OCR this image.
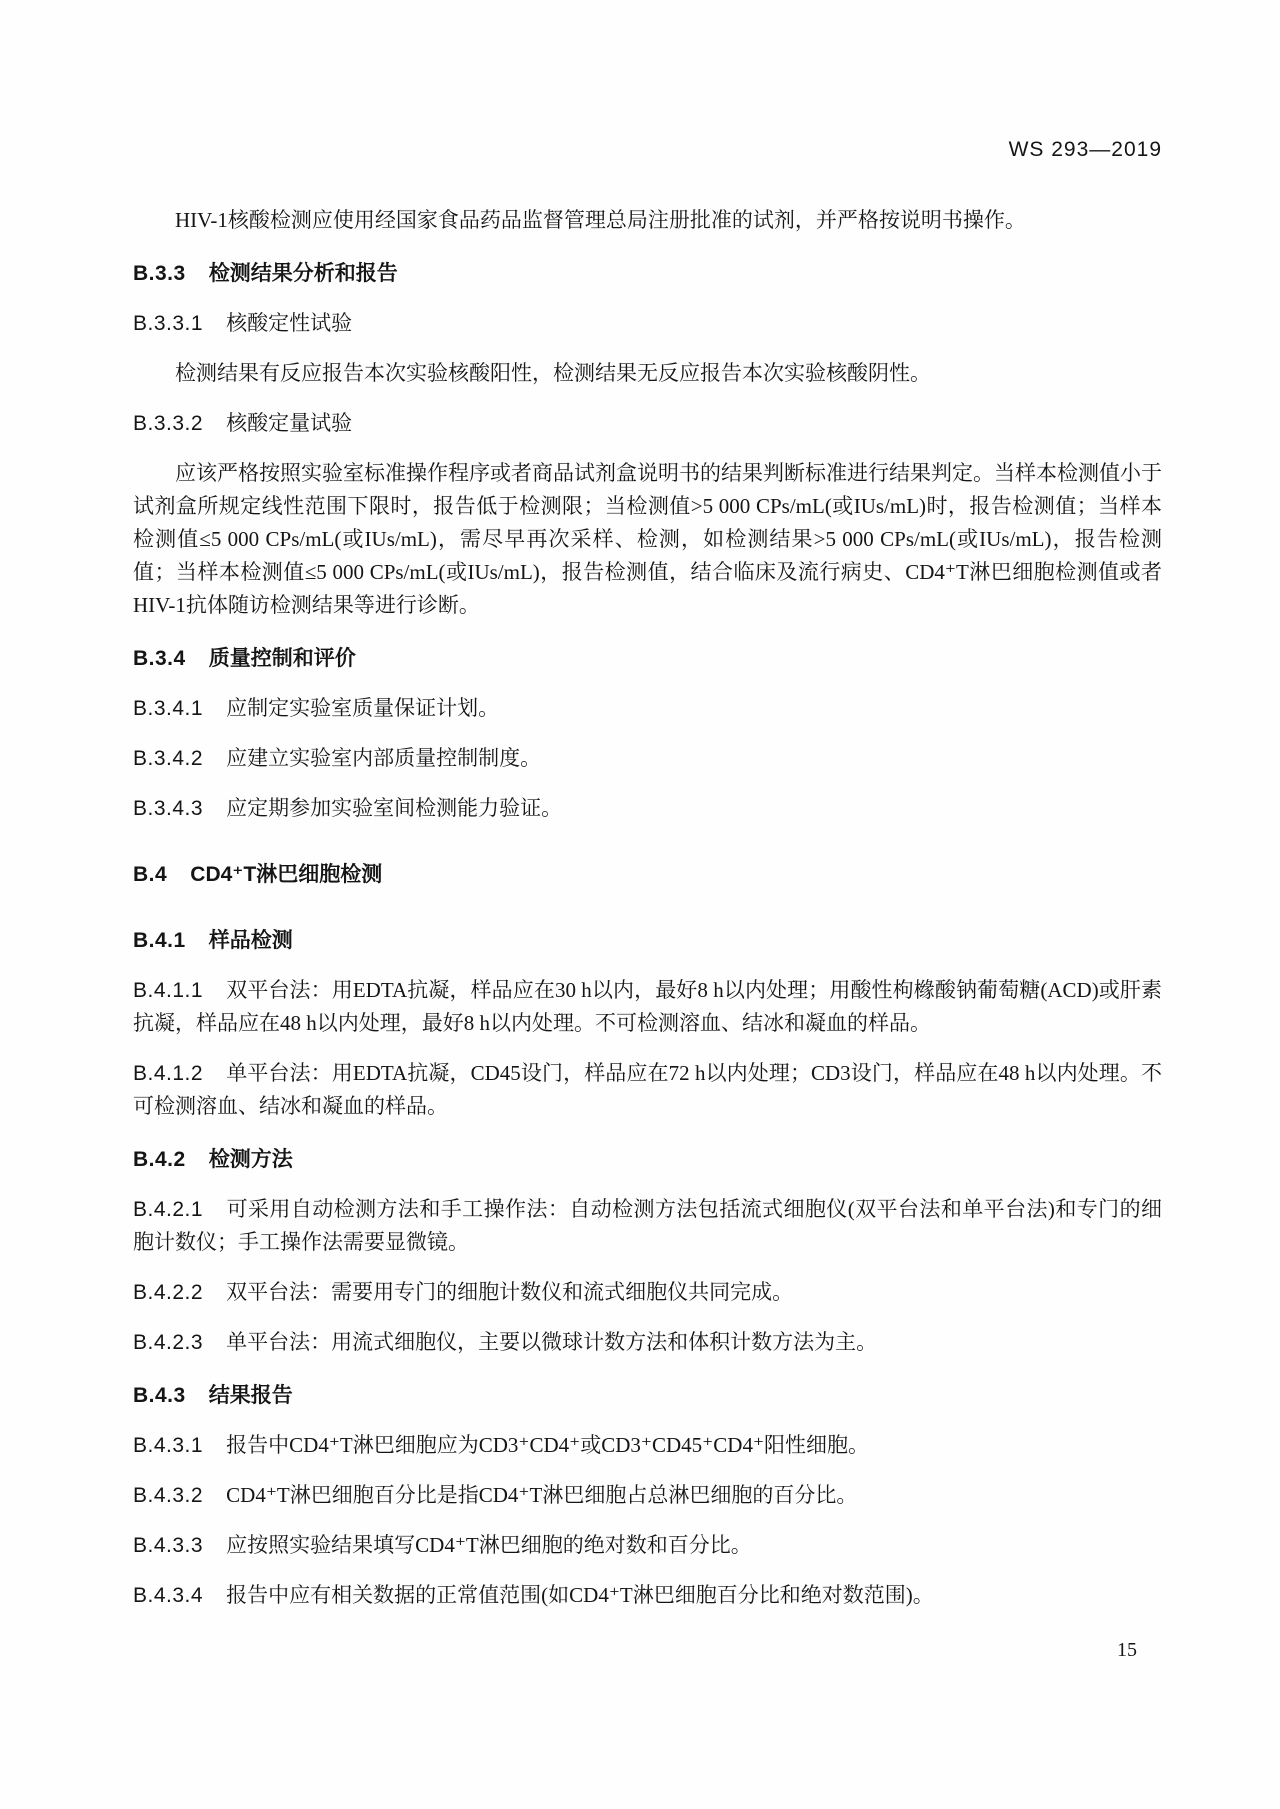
WS 293—2019

HIV-1核酸检测应使用经国家食品药品监督管理总局注册批准的试剂，并严格按说明书操作。

B.3.3 检测结果分析和报告
B.3.3.1 核酸定性试验

检测结果有反应报告本次实验核酸阳性，检测结果无反应报告本次实验核酸阴性。

B.3.3.2 核酸定量试验

应该严格按照实验室标准操作程序或者商品试剂盒说明书的结果判断标准进行结果判定。当样本检测值小于试剂盒所规定线性范围下限时，报告低于检测限；当检测值>5 000 CPs/mL(或IUs/mL)时，报告检测值；当样本检测值≤5 000 CPs/mL(或IUs/mL)，需尽早再次采样、检测，如检测结果>5 000 CPs/mL(或IUs/mL)，报告检测值；当样本检测值≤5 000 CPs/mL(或IUs/mL)，报告检测值，结合临床及流行病史、CD4⁺T淋巴细胞检测值或者HIV-1抗体随访检测结果等进行诊断。

B.3.4 质量控制和评价

B.3.4.1 应制定实验室质量保证计划。

B.3.4.2 应建立实验室内部质量控制制度。

B.3.4.3 应定期参加实验室间检测能力验证。

B.4 CD4⁺T淋巴细胞检测
B.4.1 样品检测

B.4.1.1 双平台法：用EDTA抗凝，样品应在30 h以内，最好8 h以内处理；用酸性枸橼酸钠葡萄糖(ACD)或肝素抗凝，样品应在48 h以内处理，最好8 h以内处理。不可检测溶血、结冰和凝血的样品。

B.4.1.2 单平台法：用EDTA抗凝，CD45设门，样品应在72 h以内处理；CD3设门，样品应在48 h以内处理。不可检测溶血、结冰和凝血的样品。

B.4.2 检测方法

B.4.2.1 可采用自动检测方法和手工操作法：自动检测方法包括流式细胞仪(双平台法和单平台法)和专门的细胞计数仪；手工操作法需要显微镜。

B.4.2.2 双平台法：需要用专门的细胞计数仪和流式细胞仪共同完成。

B.4.2.3 单平台法：用流式细胞仪，主要以微球计数方法和体积计数方法为主。

B.4.3 结果报告

B.4.3.1 报告中CD4⁺T淋巴细胞应为CD3⁺CD4⁺或CD3⁺CD45⁺CD4⁺阳性细胞。

B.4.3.2 CD4⁺T淋巴细胞百分比是指CD4⁺T淋巴细胞占总淋巴细胞的百分比。

B.4.3.3 应按照实验结果填写CD4⁺T淋巴细胞的绝对数和百分比。

B.4.3.4 报告中应有相关数据的正常值范围(如CD4⁺T淋巴细胞百分比和绝对数范围)。

15
